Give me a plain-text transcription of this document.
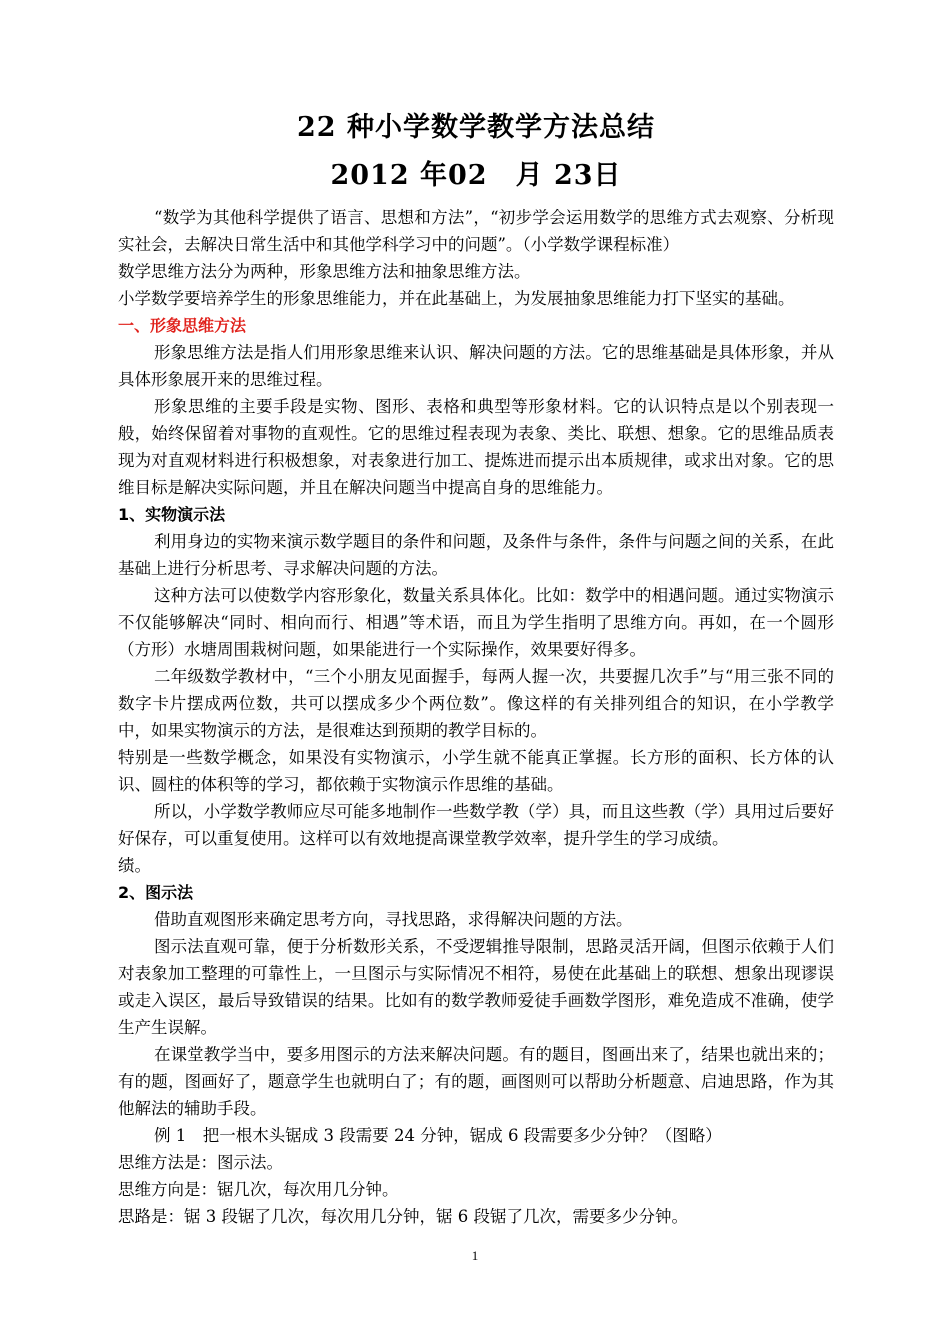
22 种小学数学教学方法总结
2012 年02　月 23日

“数学为其他科学提供了语言、思想和方法”，“初步学会运用数学的思维方式去观察、分析现实社会，去解决日常生活中和其他学科学习中的问题”。（小学数学课程标准）

数学思维方法分为两种，形象思维方法和抽象思维方法。

小学数学要培养学生的形象思维能力，并在此基础上，为发展抽象思维能力打下坚实的基础。

一、形象思维方法

形象思维方法是指人们用形象思维来认识、解决问题的方法。它的思维基础是具体形象，并从具体形象展开来的思维过程。

形象思维的主要手段是实物、图形、表格和典型等形象材料。它的认识特点是以个别表现一般，始终保留着对事物的直观性。它的思维过程表现为表象、类比、联想、想象。它的思维品质表现为对直观材料进行积极想象，对表象进行加工、提炼进而提示出本质规律，或求出对象。它的思维目标是解决实际问题，并且在解决问题当中提高自身的思维能力。

1、实物演示法

利用身边的实物来演示数学题目的条件和问题，及条件与条件，条件与问题之间的关系，在此基础上进行分析思考、寻求解决问题的方法。

这种方法可以使数学内容形象化，数量关系具体化。比如：数学中的相遇问题。通过实物演示不仅能够解决“同时、相向而行、相遇”等术语，而且为学生指明了思维方向。再如，在一个圆形（方形）水塘周围栽树问题，如果能进行一个实际操作，效果要好得多。

二年级数学教材中，“三个小朋友见面握手，每两人握一次，共要握几次手”与“用三张不同的数字卡片摆成两位数，共可以摆成多少个两位数”。像这样的有关排列组合的知识，在小学教学中，如果实物演示的方法，是很难达到预期的教学目标的。

特别是一些数学概念，如果没有实物演示，小学生就不能真正掌握。长方形的面积、长方体的认识、圆柱的体积等的学习，都依赖于实物演示作思维的基础。

所以，小学数学教师应尽可能多地制作一些数学教（学）具，而且这些教（学）具用过后要好好保存，可以重复使用。这样可以有效地提高课堂教学效率，提升学生的学习成绩。

绩。

2、图示法

借助直观图形来确定思考方向，寻找思路，求得解决问题的方法。

图示法直观可靠，便于分析数形关系，不受逻辑推导限制，思路灵活开阔，但图示依赖于人们对表象加工整理的可靠性上，一旦图示与实际情况不相符，易使在此基础上的联想、想象出现谬误或走入误区，最后导致错误的结果。比如有的数学教师爱徒手画数学图形，难免造成不准确，使学生产生误解。

在课堂教学当中，要多用图示的方法来解决问题。有的题目，图画出来了，结果也就出来的；有的题，图画好了，题意学生也就明白了；有的题，画图则可以帮助分析题意、启迪思路，作为其他解法的辅助手段。

例 1　把一根木头锯成 3 段需要 24 分钟，锯成 6 段需要多少分钟？（图略）

思维方法是：图示法。

思维方向是：锯几次，每次用几分钟。

思路是：锯 3 段锯了几次，每次用几分钟，锯 6 段锯了几次，需要多少分钟。

1
